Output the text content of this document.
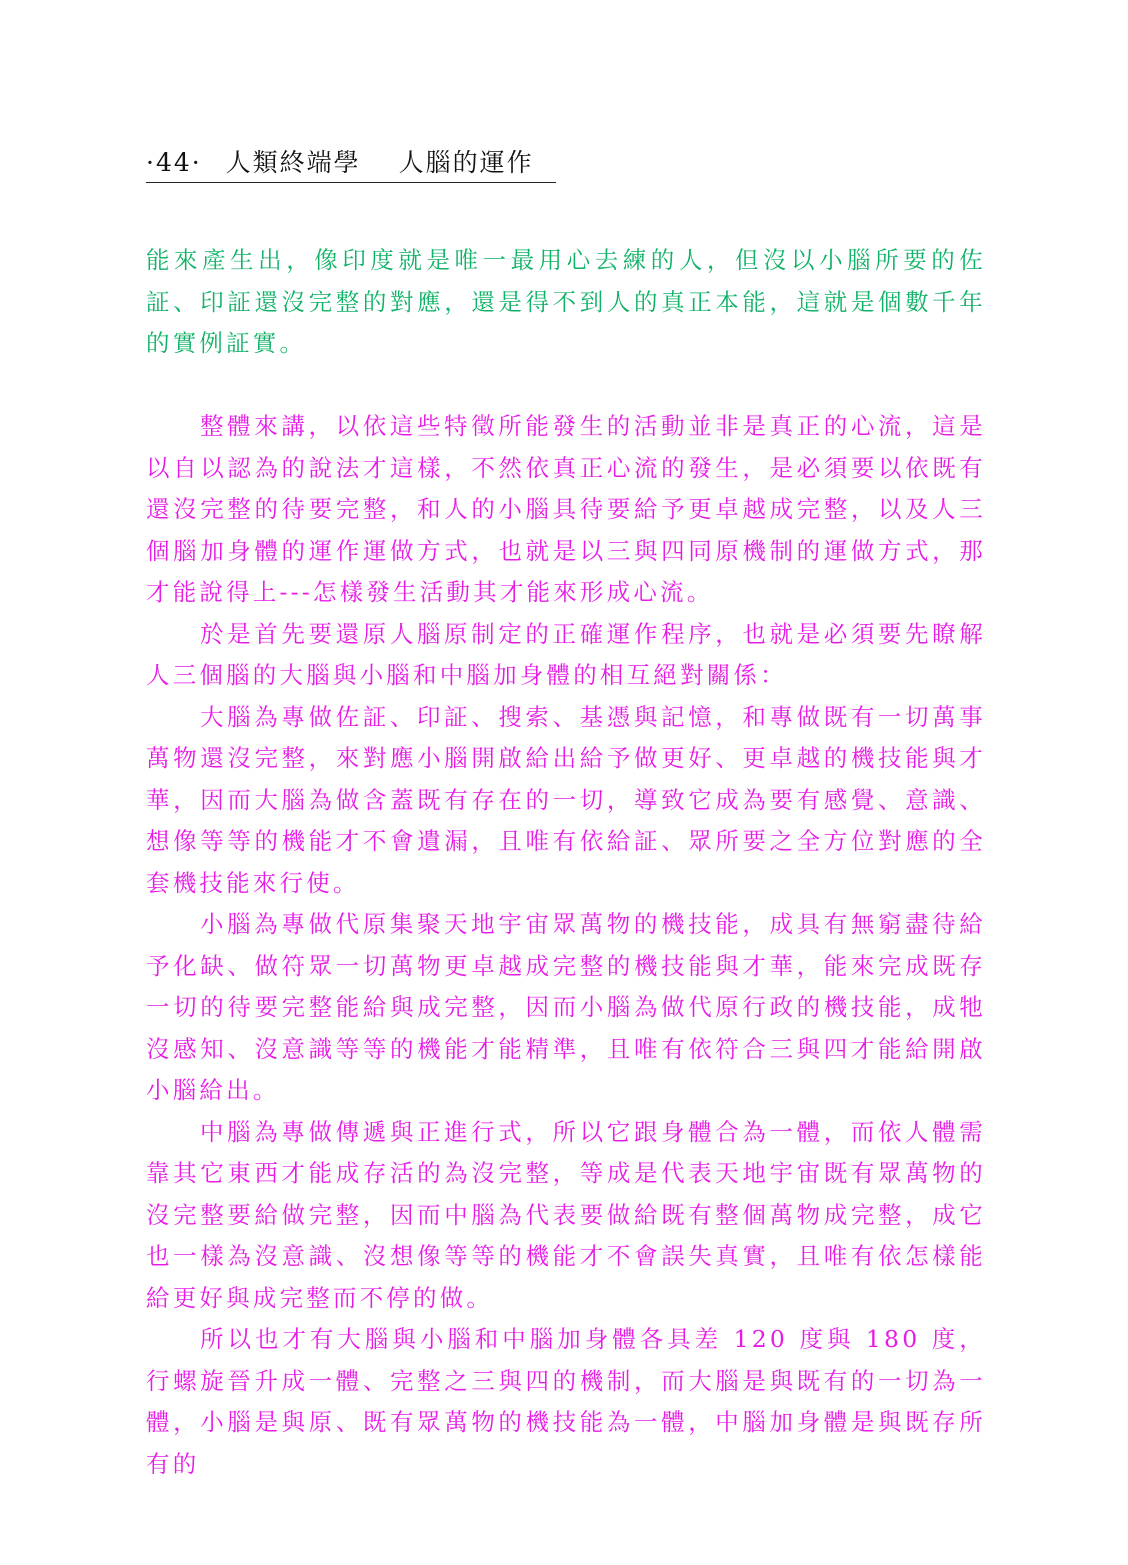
·44· 人類終端學 人腦的運作

能來產生出，像印度就是唯一最用心去練的人，但沒以小腦所要的佐証、印証還沒完整的對應，還是得不到人的真正本能，這就是個數千年的實例証實。

整體來講，以依這些特徵所能發生的活動並非是真正的心流，這是以自以認為的說法才這樣，不然依真正心流的發生，是必須要以依既有還沒完整的待要完整，和人的小腦具待要給予更卓越成完整，以及人三個腦加身體的運作運做方式，也就是以三與四同原機制的運做方式，那才能說得上---怎樣發生活動其才能來形成心流。

於是首先要還原人腦原制定的正確運作程序，也就是必須要先瞭解人三個腦的大腦與小腦和中腦加身體的相互絕對關係：

大腦為專做佐証、印証、搜索、基憑與記憶，和專做既有一切萬事萬物還沒完整，來對應小腦開啟給出給予做更好、更卓越的機技能與才華，因而大腦為做含蓋既有存在的一切，導致它成為要有感覺、意識、想像等等的機能才不會遺漏，且唯有依給証、眾所要之全方位對應的全套機技能來行使。

小腦為專做代原集聚天地宇宙眾萬物的機技能，成具有無窮盡待給予化缺、做符眾一切萬物更卓越成完整的機技能與才華，能來完成既存一切的待要完整能給與成完整，因而小腦為做代原行政的機技能，成牠沒感知、沒意識等等的機能才能精準，且唯有依符合三與四才能給開啟小腦給出。

中腦為專做傳遞與正進行式，所以它跟身體合為一體，而依人體需靠其它東西才能成存活的為沒完整，等成是代表天地宇宙既有眾萬物的沒完整要給做完整，因而中腦為代表要做給既有整個萬物成完整，成它也一樣為沒意識、沒想像等等的機能才不會誤失真實，且唯有依怎樣能給更好與成完整而不停的做。

所以也才有大腦與小腦和中腦加身體各具差 120 度與 180 度，行螺旋晉升成一體、完整之三與四的機制，而大腦是與既有的一切為一體，小腦是與原、既有眾萬物的機技能為一體，中腦加身體是與既存所有的
